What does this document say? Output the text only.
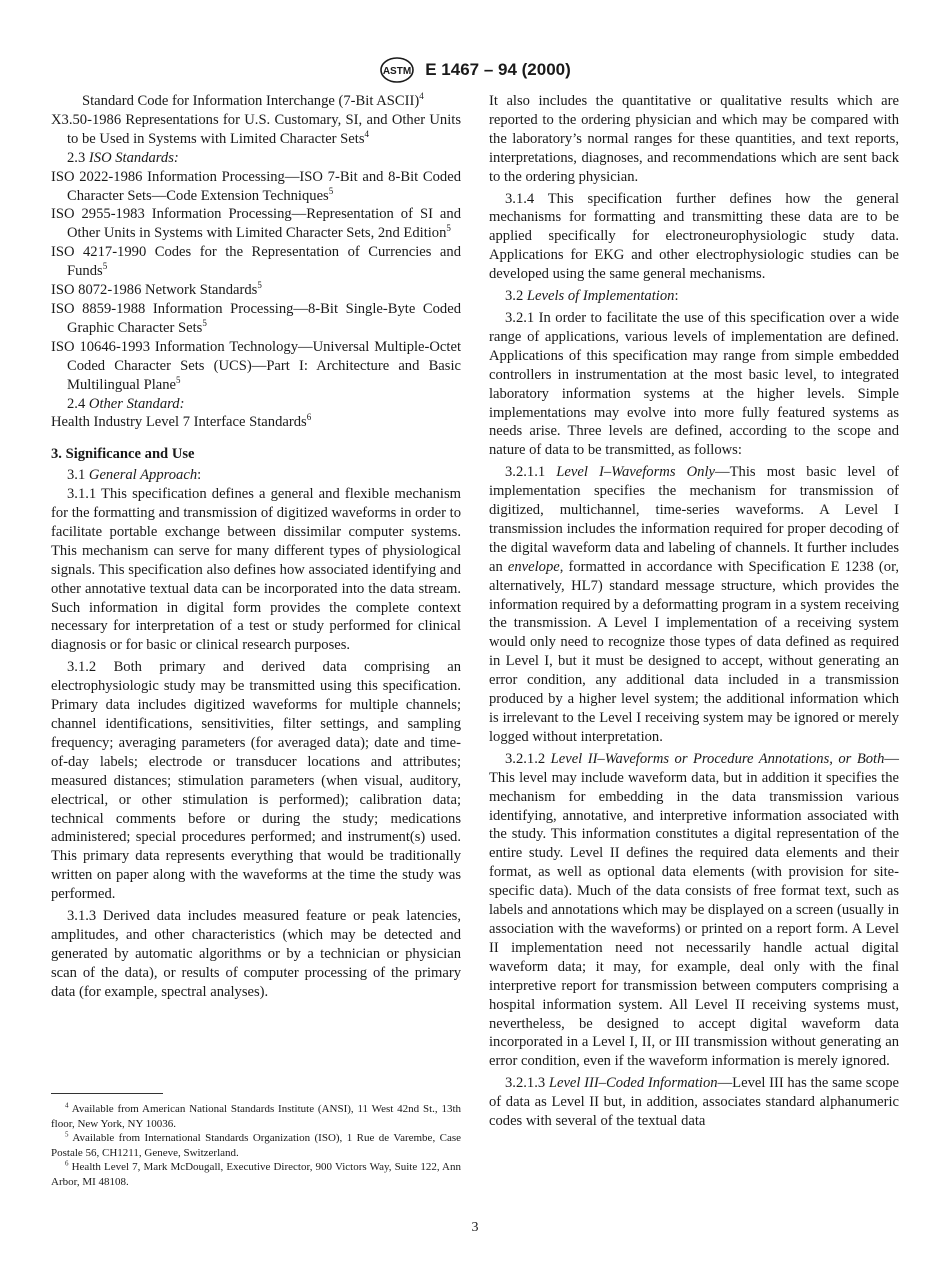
ASTM E 1467 – 94 (2000)

Standard Code for Information Interchange (7-Bit ASCII)$^4$

X3.50-1986 Representations for U.S. Customary, SI, and Other Units to be Used in Systems with Limited Character Sets$^4$

2.3 ISO Standards:

ISO 2022-1986 Information Processing—ISO 7-Bit and 8-Bit Coded Character Sets—Code Extension Techniques$^5$

ISO 2955-1983 Information Processing—Representation of SI and Other Units in Systems with Limited Character Sets, 2nd Edition$^5$

ISO 4217-1990 Codes for the Representation of Currencies and Funds$^5$

ISO 8072-1986 Network Standards$^5$

ISO 8859-1988 Information Processing—8-Bit Single-Byte Coded Graphic Character Sets$^5$

ISO 10646-1993 Information Technology—Universal Multiple-Octet Coded Character Sets (UCS)—Part I: Architecture and Basic Multilingual Plane$^5$

2.4 Other Standard:

Health Industry Level 7 Interface Standards$^6$

3. Significance and Use

3.1 General Approach:

3.1.1 This specification defines a general and flexible mechanism for the formatting and transmission of digitized waveforms in order to facilitate portable exchange between dissimilar computer systems. This mechanism can serve for many different types of physiological signals. This specification also defines how associated identifying and other annotative textual data can be incorporated into the data stream. Such information in digital form provides the complete context necessary for interpretation of a test or study performed for clinical diagnosis or for basic or clinical research purposes.

3.1.2 Both primary and derived data comprising an electrophysiologic study may be transmitted using this specification. Primary data includes digitized waveforms for multiple channels; channel identifications, sensitivities, filter settings, and sampling frequency; averaging parameters (for averaged data); date and time-of-day labels; electrode or transducer locations and attributes; measured distances; stimulation parameters (when visual, auditory, electrical, or other stimulation is performed); calibration data; technical comments before or during the study; medications administered; special procedures performed; and instrument(s) used. This primary data represents everything that would be traditionally written on paper along with the waveforms at the time the study was performed.

3.1.3 Derived data includes measured feature or peak latencies, amplitudes, and other characteristics (which may be detected and generated by automatic algorithms or by a technician or physician scan of the data), or results of computer processing of the primary data (for example, spectral analyses).

$^4$ Available from American National Standards Institute (ANSI), 11 West 42nd St., 13th floor, New York, NY 10036.

$^5$ Available from International Standards Organization (ISO), 1 Rue de Varembe, Case Postale 56, CH1211, Geneve, Switzerland.

$^6$ Health Level 7, Mark McDougall, Executive Director, 900 Victors Way, Suite 122, Ann Arbor, MI 48108.

It also includes the quantitative or qualitative results which are reported to the ordering physician and which may be compared with the laboratory’s normal ranges for these quantities, and text reports, interpretations, diagnoses, and recommendations which are sent back to the ordering physician.

3.1.4 This specification further defines how the general mechanisms for formatting and transmitting these data are to be applied specifically for electroneurophysiologic study data. Applications for EKG and other electrophysiologic studies can be developed using the same general mechanisms.

3.2 Levels of Implementation:

3.2.1 In order to facilitate the use of this specification over a wide range of applications, various levels of implementation are defined. Applications of this specification may range from simple embedded controllers in instrumentation at the most basic level, to integrated laboratory information systems at the higher levels. Simple implementations may evolve into more fully featured systems as needs arise. Three levels are defined, according to the scope and nature of data to be transmitted, as follows:

3.2.1.1 Level I–Waveforms Only—This most basic level of implementation specifies the mechanism for transmission of digitized, multichannel, time-series waveforms. A Level I transmission includes the information required for proper decoding of the digital waveform data and labeling of channels. It further includes an envelope, formatted in accordance with Specification E 1238 (or, alternatively, HL7) standard message structure, which provides the information required by a deformatting program in a system receiving the transmission. A Level I implementation of a receiving system would only need to recognize those types of data defined as required in Level I, but it must be designed to accept, without generating an error condition, any additional data included in a transmission produced by a higher level system; the additional information which is irrelevant to the Level I receiving system may be ignored or merely logged without interpretation.

3.2.1.2 Level II–Waveforms or Procedure Annotations, or Both—This level may include waveform data, but in addition it specifies the mechanism for embedding in the data transmission various identifying, annotative, and interpretive information associated with the study. This information constitutes a digital representation of the entire study. Level II defines the required data elements and their format, as well as optional data elements (with provision for site-specific data). Much of the data consists of free format text, such as labels and annotations which may be displayed on a screen (usually in association with the waveforms) or printed on a report form. A Level II implementation need not necessarily handle actual digital waveform data; it may, for example, deal only with the final interpretive report for transmission between computers comprising a hospital information system. All Level II receiving systems must, nevertheless, be designed to accept digital waveform data incorporated in a Level I, II, or III transmission without generating an error condition, even if the waveform information is merely ignored.

3.2.1.3 Level III–Coded Information—Level III has the same scope of data as Level II but, in addition, associates standard alphanumeric codes with several of the textual data

3
